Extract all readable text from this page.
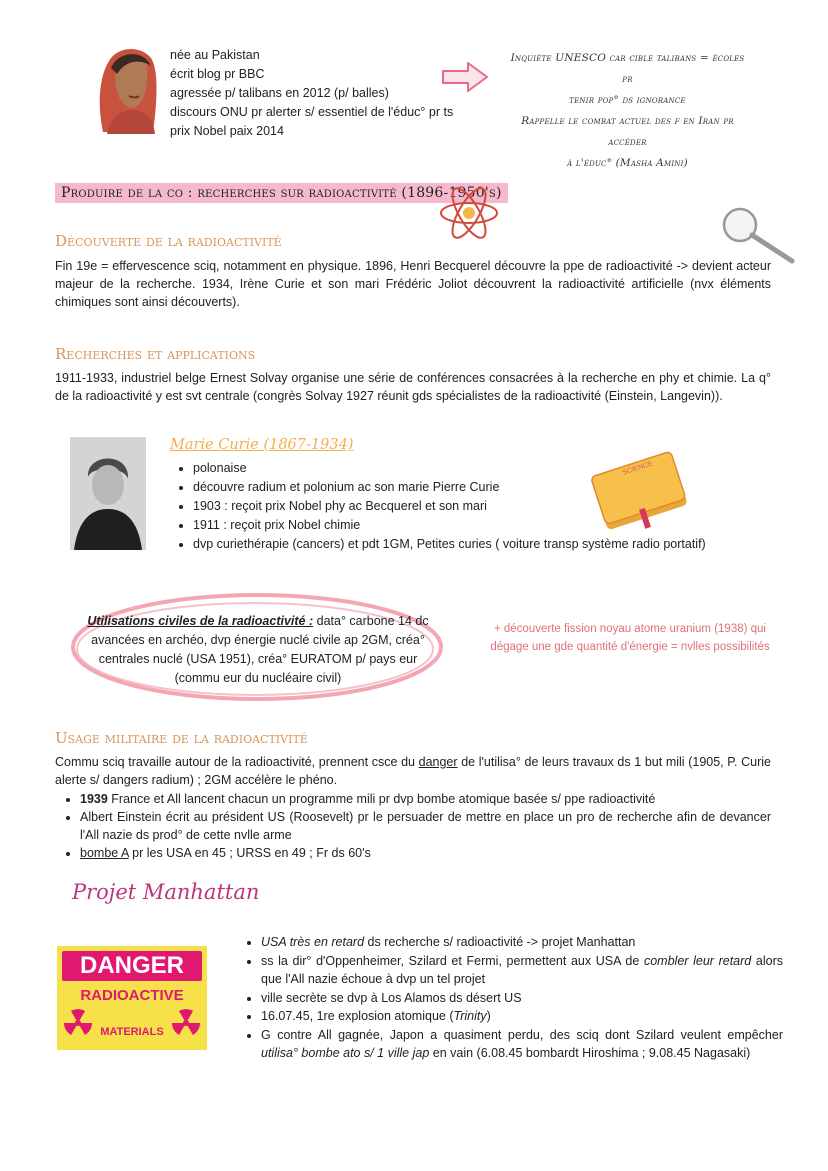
née au Pakistan
écrit blog pr BBC
agressée p/ talibans en 2012 (p/ balles)
discours ONU pr alerter s/ essentiel de l'éduc° pr ts
prix Nobel paix 2014
Inquiète UNESCO car cible talibans = écoles pr
tenir pop° ds ignorance
Rappelle le combat actuel des f en Iran pr accéder
à l'éduc° (Masha Amini)
Produire de la co : recherches sur radioactivité (1896-1950's)
Découverte de la radioactivité
Fin 19e = effervescence sciq, notamment en physique. 1896, Henri Becquerel découvre la ppe de radioactivité -> devient acteur majeur de la recherche. 1934, Irène Curie et son mari Frédéric Joliot découvrent la radioactivité artificielle (nvx éléments chimiques sont ainsi découverts).
Recherches et applications
1911-1933, industriel belge Ernest Solvay organise une série de conférences consacrées à la recherche en phy et chimie. La q° de la radioactivité y est svt centrale (congrès Solvay 1927 réunit gds spécialistes de la radioactivité (Einstein, Langevin)).
Marie Curie (1867-1934)
• polonaise
• découvre radium et polonium ac son marie Pierre Curie
• 1903 : reçoit prix Nobel phy ac Becquerel et son mari
• 1911 : reçoit prix Nobel chimie
• dvp curiethérapie (cancers) et pdt 1GM, Petites curies ( voiture transp système radio portatif)
SCIENCE
Utilisations civiles de la radioactivité : data° carbone 14 dc
avancées en archéo, dvp énergie nuclé civile ap 2GM, créa°
centrales nuclé (USA 1951), créa° EURATOM p/ pays eur
(commu eur du nucléaire civil)
+ découverte fission noyau atome uranium (1938) qui
dégage une gde quantité d'énergie = nvlles possibilités
Usage militaire de la radioactivité
Commu sciq travaille autour de la radioactivité, prennent csce du danger de l'utilisa° de leurs travaux ds 1 but mili (1905, P. Curie alerte s/ dangers radium) ; 2GM accélère le phéno.
• 1939 France et All lancent chacun un programme mili pr dvp bombe atomique basée s/ ppe radioactivité
• Albert Einstein écrit au président US (Roosevelt) pr le persuader de mettre en place un pro de recherche afin de devancer l'All nazie ds prod° de cette nvlle arme
• bombe A pr les USA en 45 ; URSS en 49 ; Fr ds 60's
Projet Manhattan
DANGER
RADIOACTIVE
MATERIALS
• USA très en retard ds recherche s/ radioactivité -> projet Manhattan
• ss la dir° d'Oppenheimer, Szilard et Fermi, permettent aux USA de combler leur retard alors que l'All nazie échoue à dvp un tel projet
• ville secrète se dvp à Los Alamos ds désert US
• 16.07.45, 1re explosion atomique (Trinity)
• G contre All gagnée, Japon a quasiment perdu, des sciq dont Szilard veulent empêcher utilisa° bombe ato s/ 1 ville jap en vain (6.08.45 bombardt Hiroshima ; 9.08.45 Nagasaki)
